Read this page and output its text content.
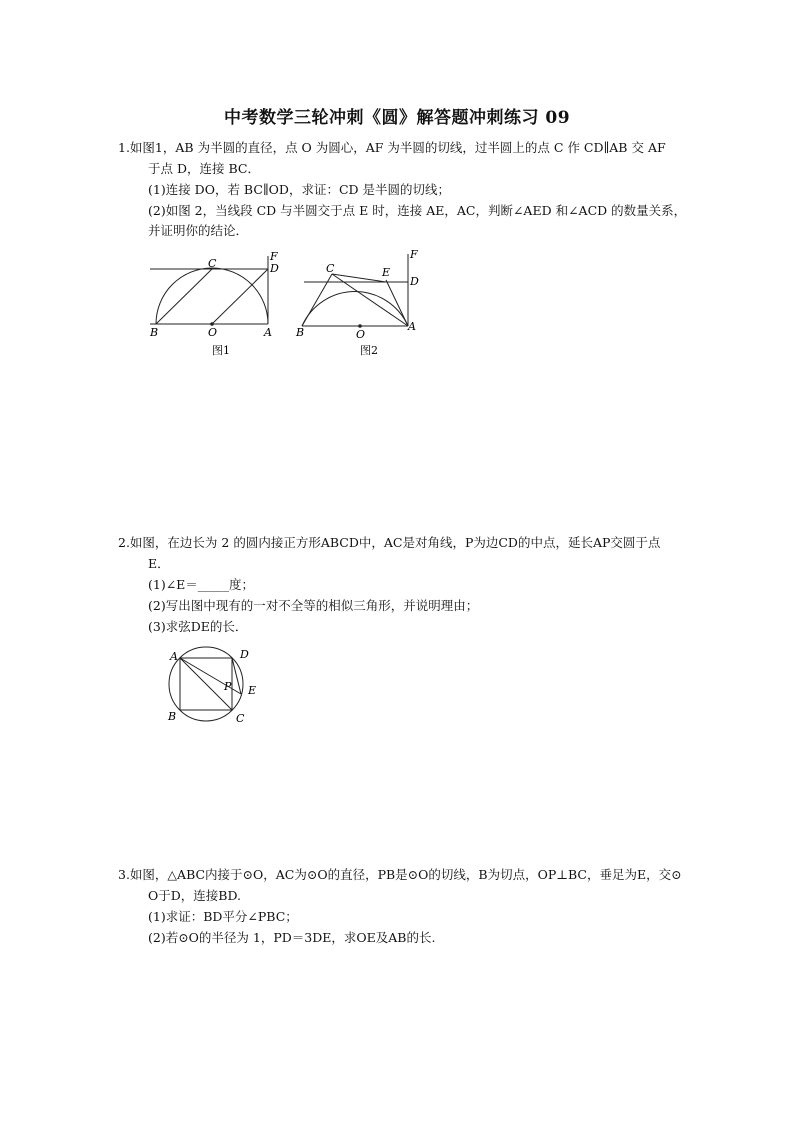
中考数学三轮冲刺《圆》解答题冲刺练习 09
1.如图1，AB 为半圆的直径，点 O 为圆心，AF 为半圆的切线，过半圆上的点 C 作 CD∥AB 交 AF
于点 D，连接 BC．
(1)连接 DO，若 BC∥OD，求证：CD 是半圆的切线；
(2)如图 2，当线段 CD 与半圆交于点 E 时，连接 AE，AC，判断∠AED 和∠ACD 的数量关系，
并证明你的结论．
F
C	D
B	O	A
图1
F
C	E
D
B	O
A
图2
2.如图，在边长为 2 的圆内接正方形ABCD中，AC是对角线，P为边CD的中点，延长AP交圆于点
E．
(1)∠E＝_____度；
(2)写出图中现有的一对不全等的相似三角形，并说明理由；
(3)求弦DE的长．
A	D
P E
B	C
3.如图，△ABC内接于⊙O，AC为⊙O的直径，PB是⊙O的切线，B为切点，OP⊥BC，垂足为E，交⊙
O于D，连接BD.
(1)求证：BD平分∠PBC；
(2)若⊙O的半径为 1，PD＝3DE，求OE及AB的长.
